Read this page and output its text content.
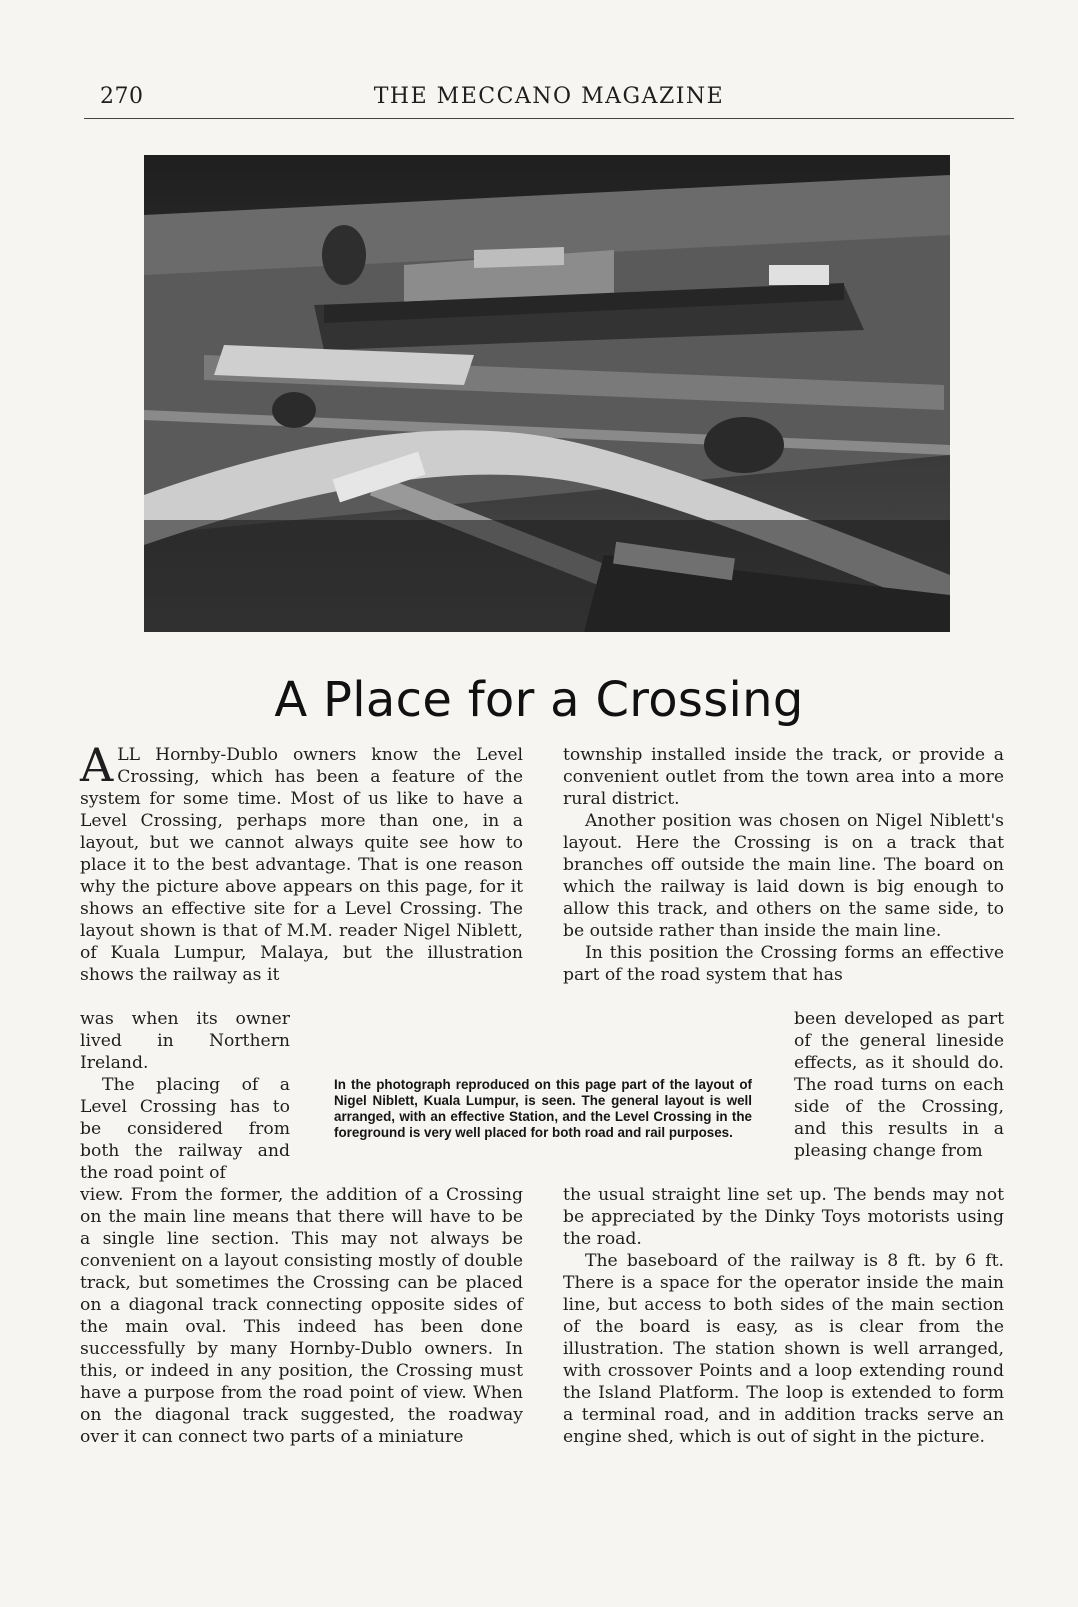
270	THE MECCANO MAGAZINE
A Place for a Crossing

ALL Hornby-Dublo owners know the Level Crossing, which has been a feature of the system for some time. Most of us like to have a Level Crossing, perhaps more than one, in a layout, but we cannot always quite see how to place it to the best advantage. That is one reason why the picture above appears on this page, for it shows an effective site for a Level Crossing. The layout shown is that of M.M. reader Nigel Niblett, of Kuala Lumpur, Malaya, but the illustration shows the railway as it

was when its owner lived in Northern Ireland.

The placing of a Level Crossing has to be considered from both the railway and the road point of

view. From the former, the addition of a Crossing on the main line means that there will have to be a single line section. This may not always be convenient on a layout consisting mostly of double track, but sometimes the Crossing can be placed on a diagonal track connecting opposite sides of the main oval. This indeed has been done successfully by many Hornby-Dublo owners. In this, or indeed in any position, the Crossing must have a purpose from the road point of view. When on the diagonal track suggested, the roadway over it can connect two parts of a miniature

In the photograph reproduced on this page part of the layout of Nigel Niblett, Kuala Lumpur, is seen. The general layout is well arranged, with an effective Station, and the Level Crossing in the foreground is very well placed for both road and rail purposes.

township installed inside the track, or provide a convenient outlet from the town area into a more rural district.

Another position was chosen on Nigel Niblett's layout. Here the Crossing is on a track that branches off outside the main line. The board on which the railway is laid down is big enough to allow this track, and others on the same side, to be outside rather than inside the main line.

In this position the Crossing forms an effective part of the road system that has

been developed as part of the general lineside effects, as it should do. The road turns on each side of the Crossing, and this results in a pleasing change from

the usual straight line set up. The bends may not be appreciated by the Dinky Toys motorists using the road.

The baseboard of the railway is 8 ft. by 6 ft. There is a space for the operator inside the main line, but access to both sides of the main section of the board is easy, as is clear from the illustration. The station shown is well arranged, with crossover Points and a loop extending round the Island Platform. The loop is extended to form a terminal road, and in addition tracks serve an engine shed, which is out of sight in the picture.
